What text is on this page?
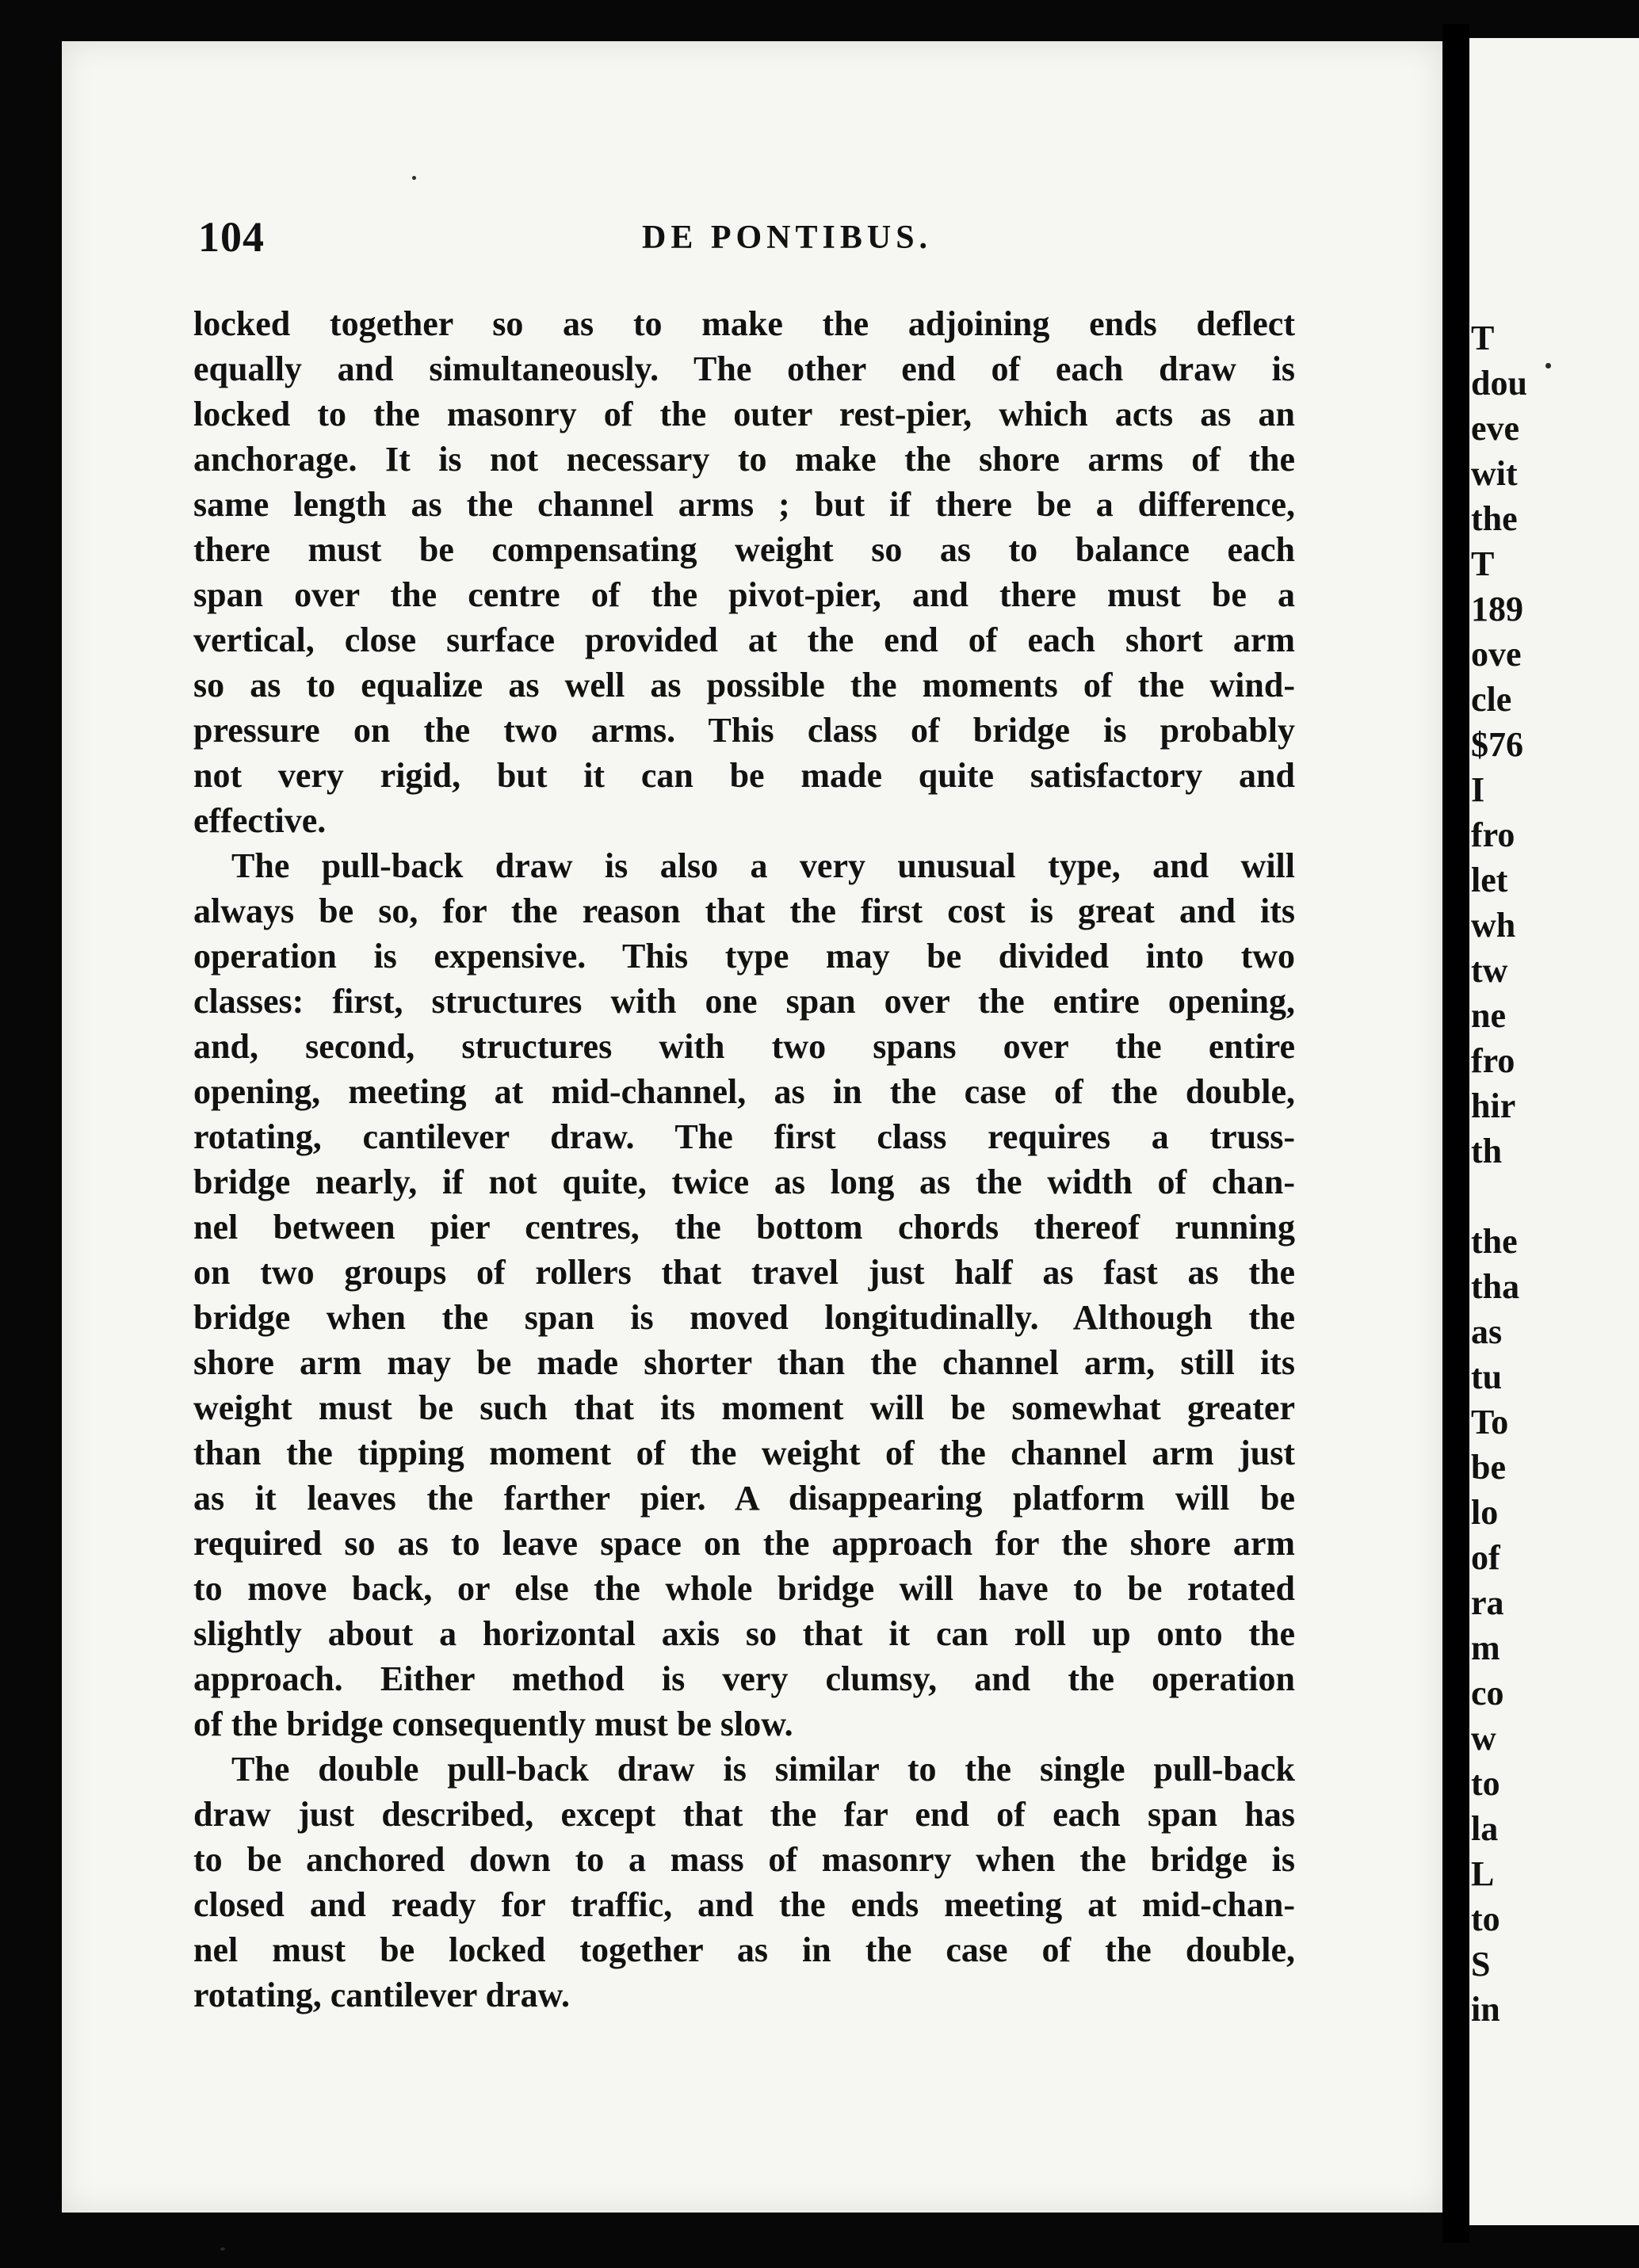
104	DE PONTIBUS.
locked together so as to make the adjoining ends deflect
equally and simultaneously. The other end of each draw is
locked to the masonry of the outer rest-pier, which acts as an
anchorage. It is not necessary to make the shore arms of the
same length as the channel arms ; but if there be a difference,
there must be compensating weight so as to balance each
span over the centre of the pivot-pier, and there must be a
vertical, close surface provided at the end of each short arm
so as to equalize as well as possible the moments of the wind-
pressure on the two arms. This class of bridge is probably
not very rigid, but it can be made quite satisfactory and
effective.
The pull-back draw is also a very unusual type, and will
always be so, for the reason that the first cost is great and its
operation is expensive. This type may be divided into two
classes: first, structures with one span over the entire opening,
and, second, structures with two spans over the entire
opening, meeting at mid-channel, as in the case of the double,
rotating, cantilever draw. The first class requires a truss-
bridge nearly, if not quite, twice as long as the width of chan-
nel between pier centres, the bottom chords thereof running
on two groups of rollers that travel just half as fast as the
bridge when the span is moved longitudinally. Although the
shore arm may be made shorter than the channel arm, still its
weight must be such that its moment will be somewhat greater
than the tipping moment of the weight of the channel arm just
as it leaves the farther pier. A disappearing platform will be
required so as to leave space on the approach for the shore arm
to move back, or else the whole bridge will have to be rotated
slightly about a horizontal axis so that it can roll up onto the
approach. Either method is very clumsy, and the operation
of the bridge consequently must be slow.
The double pull-back draw is similar to the single pull-back
draw just described, except that the far end of each span has
to be anchored down to a mass of masonry when the bridge is
closed and ready for traffic, and the ends meeting at mid-chan-
nel must be locked together as in the case of the double,
rotating, cantilever draw.
T
dou
eve
wit
the
T
189
ove
cle
$76
I
fro
let
wh
tw
ne
fro
hir
th
the
tha
as
tu
To
be
lo
of
ra
m
co
w
to
la
L
to
S
in
